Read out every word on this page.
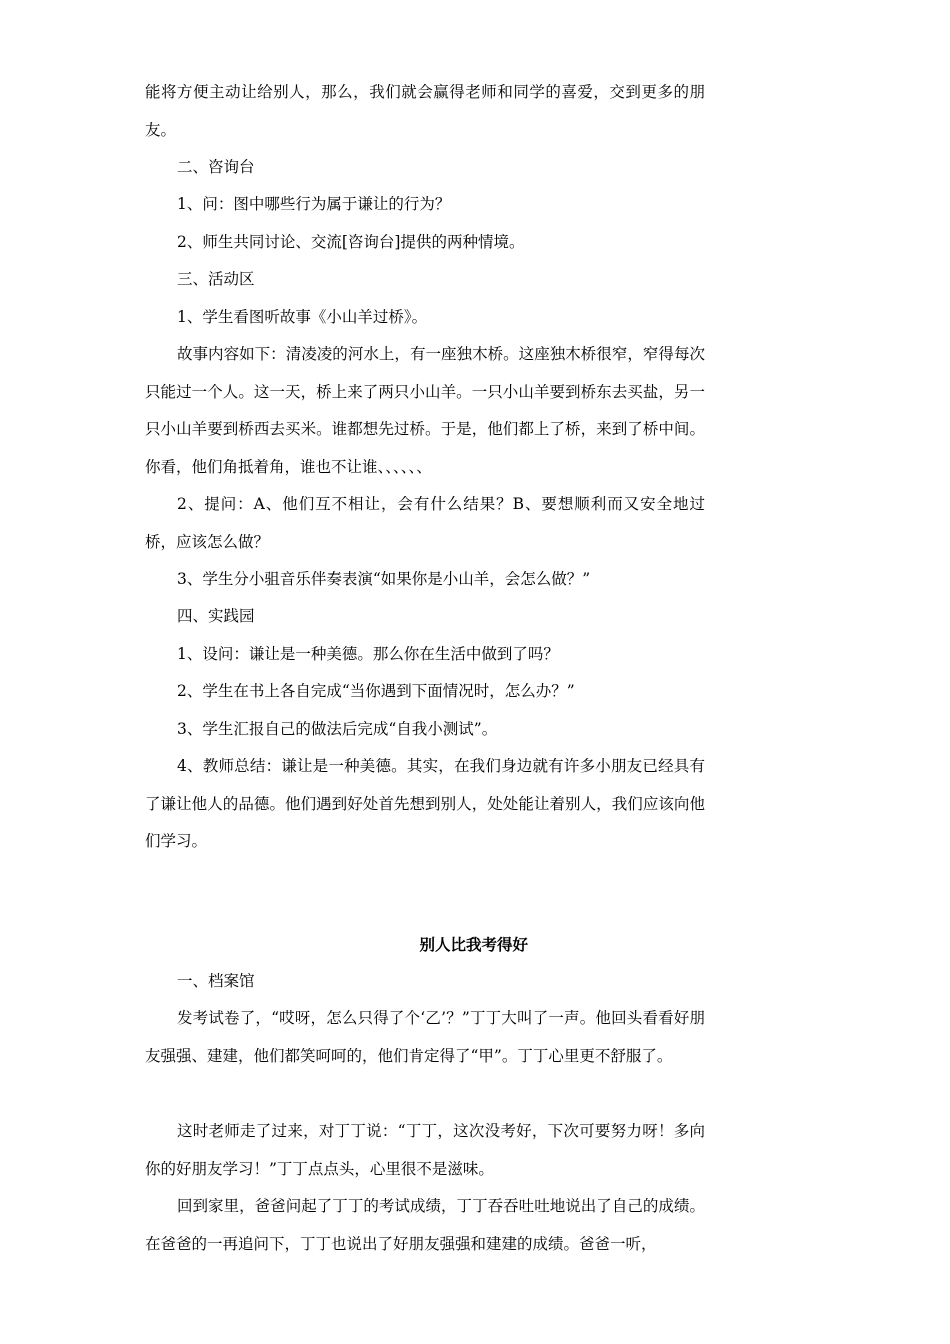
能将方便主动让给别人，那么，我们就会赢得老师和同学的喜爱，交到更多的朋友。

二、咨询台

1、问：图中哪些行为属于谦让的行为？

2、师生共同讨论、交流[咨询台]提供的两种情境。

三、活动区

1、学生看图听故事《小山羊过桥》。

故事内容如下：清凌凌的河水上，有一座独木桥。这座独木桥很窄，窄得每次只能过一个人。这一天，桥上来了两只小山羊。一只小山羊要到桥东去买盐，另一只小山羊要到桥西去买米。谁都想先过桥。于是，他们都上了桥，来到了桥中间。你看，他们角抵着角，谁也不让谁、、、、、、

2、提问：A、他们互不相让，会有什么结果？B、要想顺利而又安全地过桥，应该怎么做？

3、学生分小驵音乐伴奏表演“如果你是小山羊，会怎么做？”

四、实践园

1、设问：谦让是一种美德。那么你在生活中做到了吗？

2、学生在书上各自完成“当你遇到下面情况时，怎么办？”

3、学生汇报自己的做法后完成“自我小测试”。

4、教师总结：谦让是一种美德。其实，在我们身边就有许多小朋友已经具有了谦让他人的品德。他们遇到好处首先想到别人，处处能让着别人，我们应该向他们学习。

别人比我考得好

一、档案馆

发考试卷了，“哎呀，怎么只得了个‘乙’？”丁丁大叫了一声。他回头看看好朋友强强、建建，他们都笑呵呵的，他们肯定得了“甲”。丁丁心里更不舒服了。

这时老师走了过来，对丁丁说：“丁丁，这次没考好，下次可要努力呀！多向你的好朋友学习！”丁丁点点头，心里很不是滋味。

回到家里，爸爸问起了丁丁的考试成绩，丁丁吞吞吐吐地说出了自己的成绩。在爸爸的一再追问下，丁丁也说出了好朋友强强和建建的成绩。爸爸一听，
